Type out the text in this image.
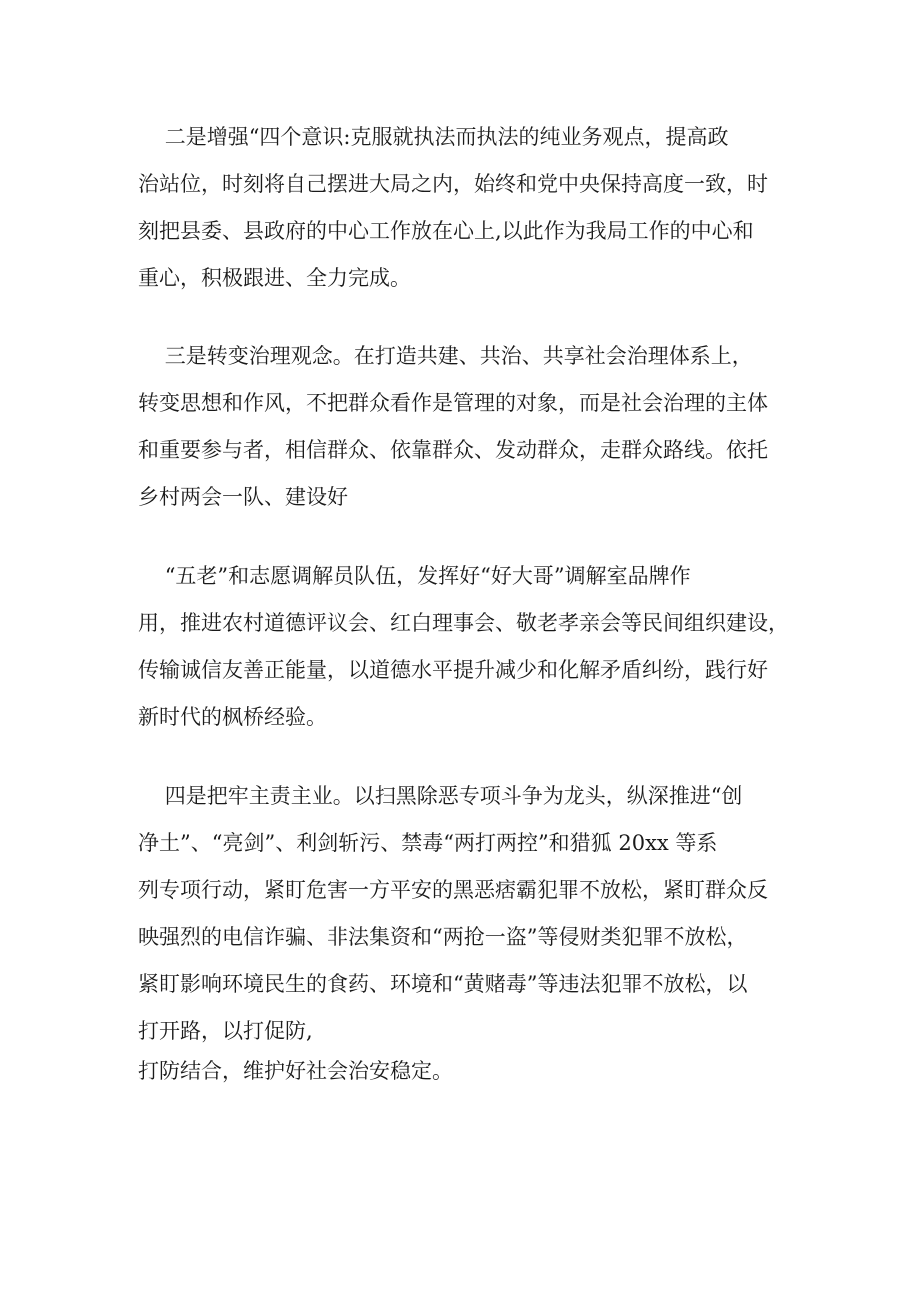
二是增强“四个意识:克服就执法而执法的纯业务观点，提高政
治站位，时刻将自己摆进大局之内，始终和党中央保持高度一致，时
刻把县委、县政府的中心工作放在心上,以此作为我局工作的中心和
重心，积极跟进、全力完成。
三是转变治理观念。在打造共建、共治、共享社会治理体系上，
转变思想和作风，不把群众看作是管理的对象，而是社会治理的主体
和重要参与者，相信群众、依靠群众、发动群众，走群众路线。依托
乡村两会一队、建设好
“五老”和志愿调解员队伍，发挥好“好大哥”调解室品牌作
用，推进农村道德评议会、红白理事会、敬老孝亲会等民间组织建设，
传输诚信友善正能量，以道德水平提升减少和化解矛盾纠纷，践行好
新时代的枫桥经验。
四是把牢主责主业。以扫黑除恶专项斗争为龙头，纵深推进“创
净土”、“亮剑”、利剑斩污、禁毒“两打两控”和猎狐 20xx 等系
列专项行动，紧盯危害一方平安的黑恶痞霸犯罪不放松，紧盯群众反
映强烈的电信诈骗、非法集资和“两抢一盗”等侵财类犯罪不放松，
紧盯影响环境民生的食药、环境和“黄赌毒”等违法犯罪不放松，以
打开路，以打促防,
打防结合，维护好社会治安稳定。
